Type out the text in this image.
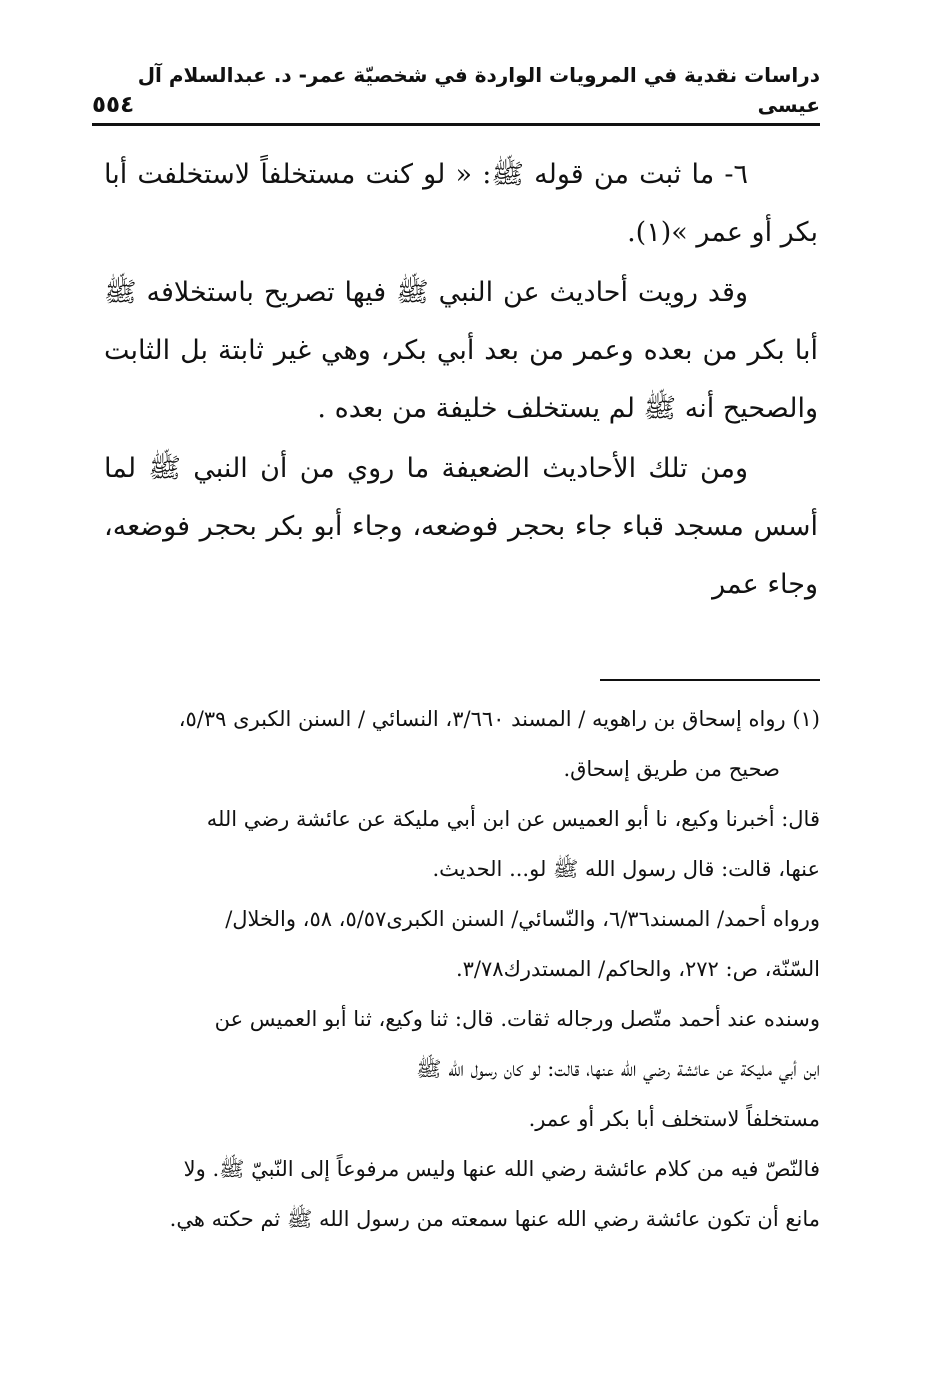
دراسات نقدية في المرويات الواردة في شخصيّة عمر- د. عبدالسلام آل عيسى
٥٥٤

٦- ما ثبت من قوله ﷺ: « لو كنت مستخلفاً لاستخلفت أبا بكر أو عمر »(١).

وقد رويت أحاديث عن النبي ﷺ فيها تصريح باستخلافه ﷺ أبا بكر من بعده وعمر من بعد أبي بكر، وهي غير ثابتة بل الثابت والصحيح أنه ﷺ لم يستخلف خليفة من بعده .

ومن تلك الأحاديث الضعيفة ما روي من أن النبي ﷺ لما أسس مسجد قباء جاء بحجر فوضعه، وجاء أبو بكر بحجر فوضعه، وجاء عمر

(١) رواه إسحاق بن راهويه / المسند ٣/٦٦٠، النسائي / السنن الكبرى ٥/٣٩،

صحيح من طريق إسحاق.

قال: أخبرنا وكيع، نا أبو العميس عن ابن أبي مليكة عن عائشة رضي الله

عنها، قالت: قال رسول الله ﷺ لو... الحديث.

ورواه أحمد/ المسند٦/٣٦، والنّسائي/ السنن الكبرى٥/٥٧، ٥٨، والخلال/

السّنّة، ص: ٢٧٢، والحاكم/ المستدرك٣/٧٨.

وسنده عند أحمد متّصل ورجاله ثقات. قال: ثنا وكيع، ثنا أبو العميس عن

ابن أبي مليكة عن عائشة رضي الله عنها، قالت: لو كان رسول الله ﷺ

مستخلفاً لاستخلف أبا بكر أو عمر.

فالنّصّ فيه من كلام عائشة رضي الله عنها وليس مرفوعاً إلى النّبيّ ﷺ. ولا

مانع أن تكون عائشة رضي الله عنها سمعته من رسول الله ﷺ ثم حكته هي.
